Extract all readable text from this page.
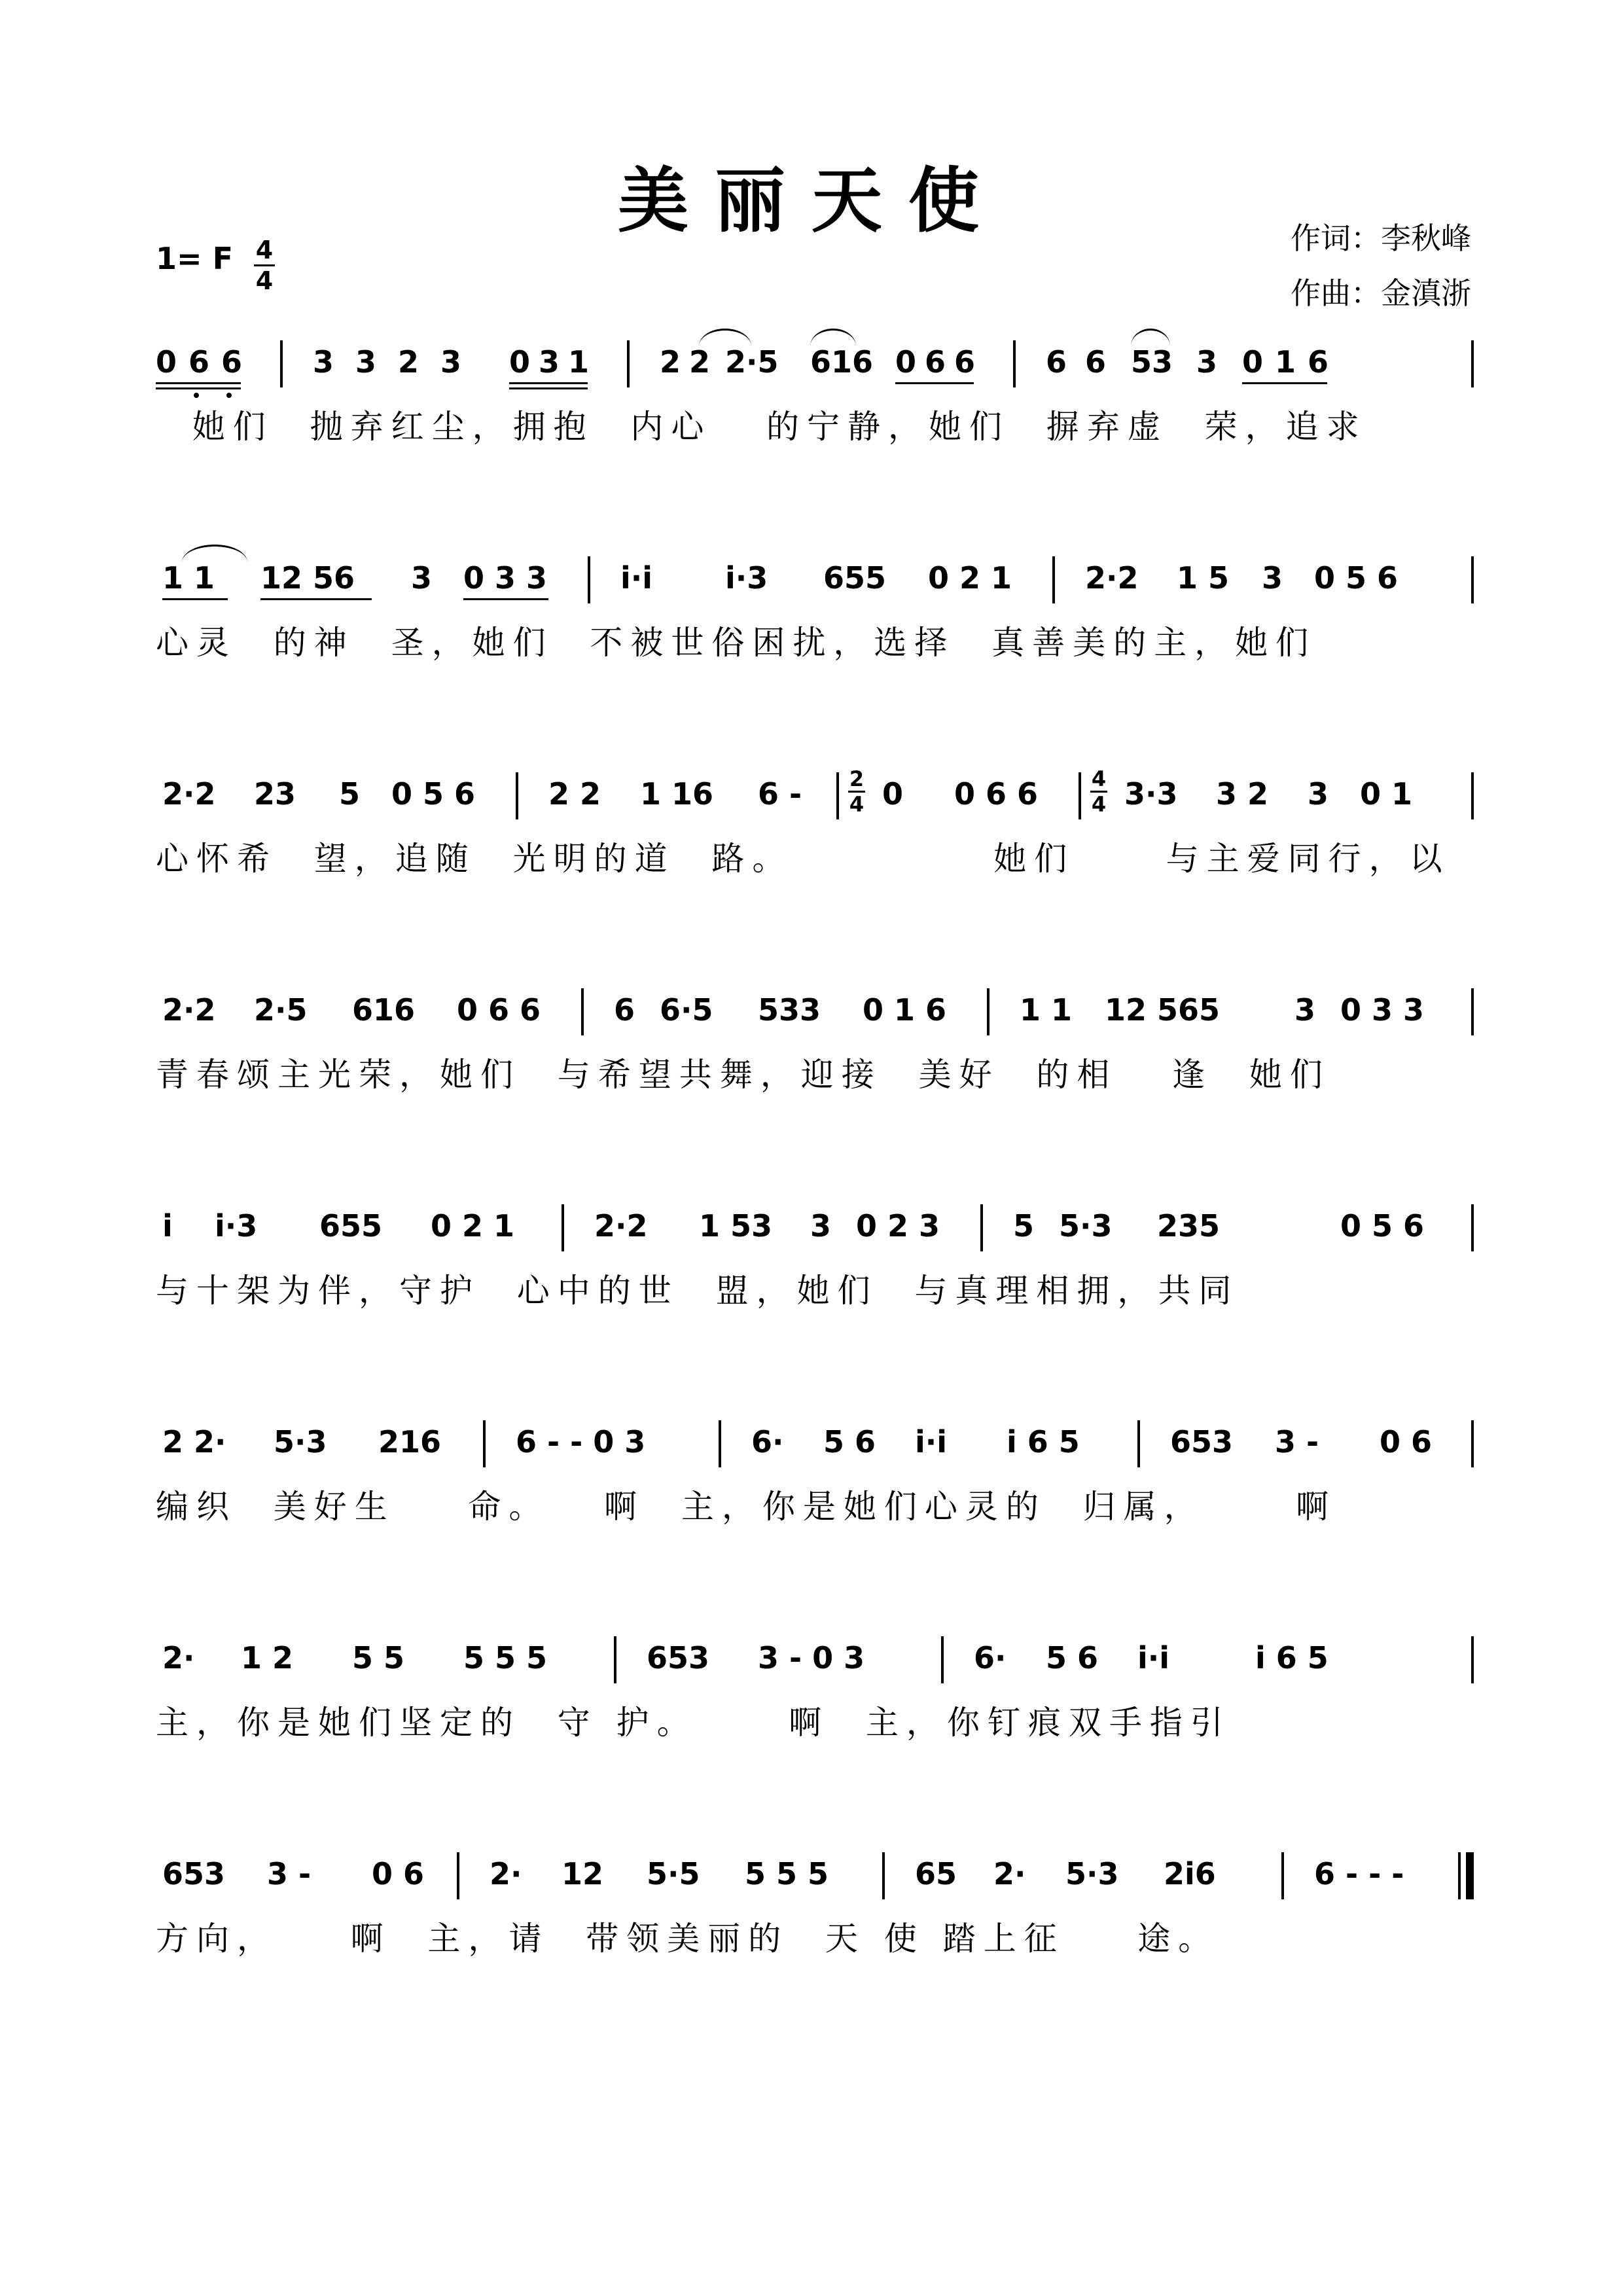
美丽天使
1= F 4
4
作词：李秋峰
作曲：金滇浙
0 6 6 3 3 2 3 0 3 1 2 2 2·5 616 0 6 6 6 6 53 3 0 1 6
她们  抛弃红尘，拥抱  内心   的宁静，她们  摒弃虚  荣，追求
1 1 12 56 3 0 3 3 i·i i·3 655 0 2 1 2·2 1 5 3 0 5 6
心灵  的神  圣，她们  不被世俗困扰，选择  真善美的主，她们
2·2 23 5 0 5 6 2 2 1 16 6 - 2
4 0 0 6 6	4
4 3·3 3 2 3 0 1
心怀希  望，追随  光明的道  路。           她们     与主爱同行，以
2·2 2·5 616 0 6 6 6 6·5 533 0 1 6 1 1 12 565 3 0 3 3
青春颂主光荣，她们  与希望共舞，迎接  美好  的相   逢  她们
i i·3 655 0 2 1	2·2 1 53 3 0 2 3 5 5·3 235	0 5 6
与十架为伴，守护  心中的世  盟，她们  与真理相拥，共同
2 2· 5·3 216 6 - - 0 3	6· 5 6 i·i i 6 5	653 3 - 0 6
编织  美好生    命。   啊  主，你是她们心灵的  归属，     啊
2· 1 2 5 5 5 5 5	653 3 - 0 3	6· 5 6 i·i	i 6 5
主，你是她们坚定的  守 护。     啊  主，你钉痕双手指引
653 3 - 0 6 2· 12 5·5 5 5 5	65 2· 5·3 2i6	6 - - -
方向，    啊  主，请  带领美丽的  天 使 踏上征    途。
